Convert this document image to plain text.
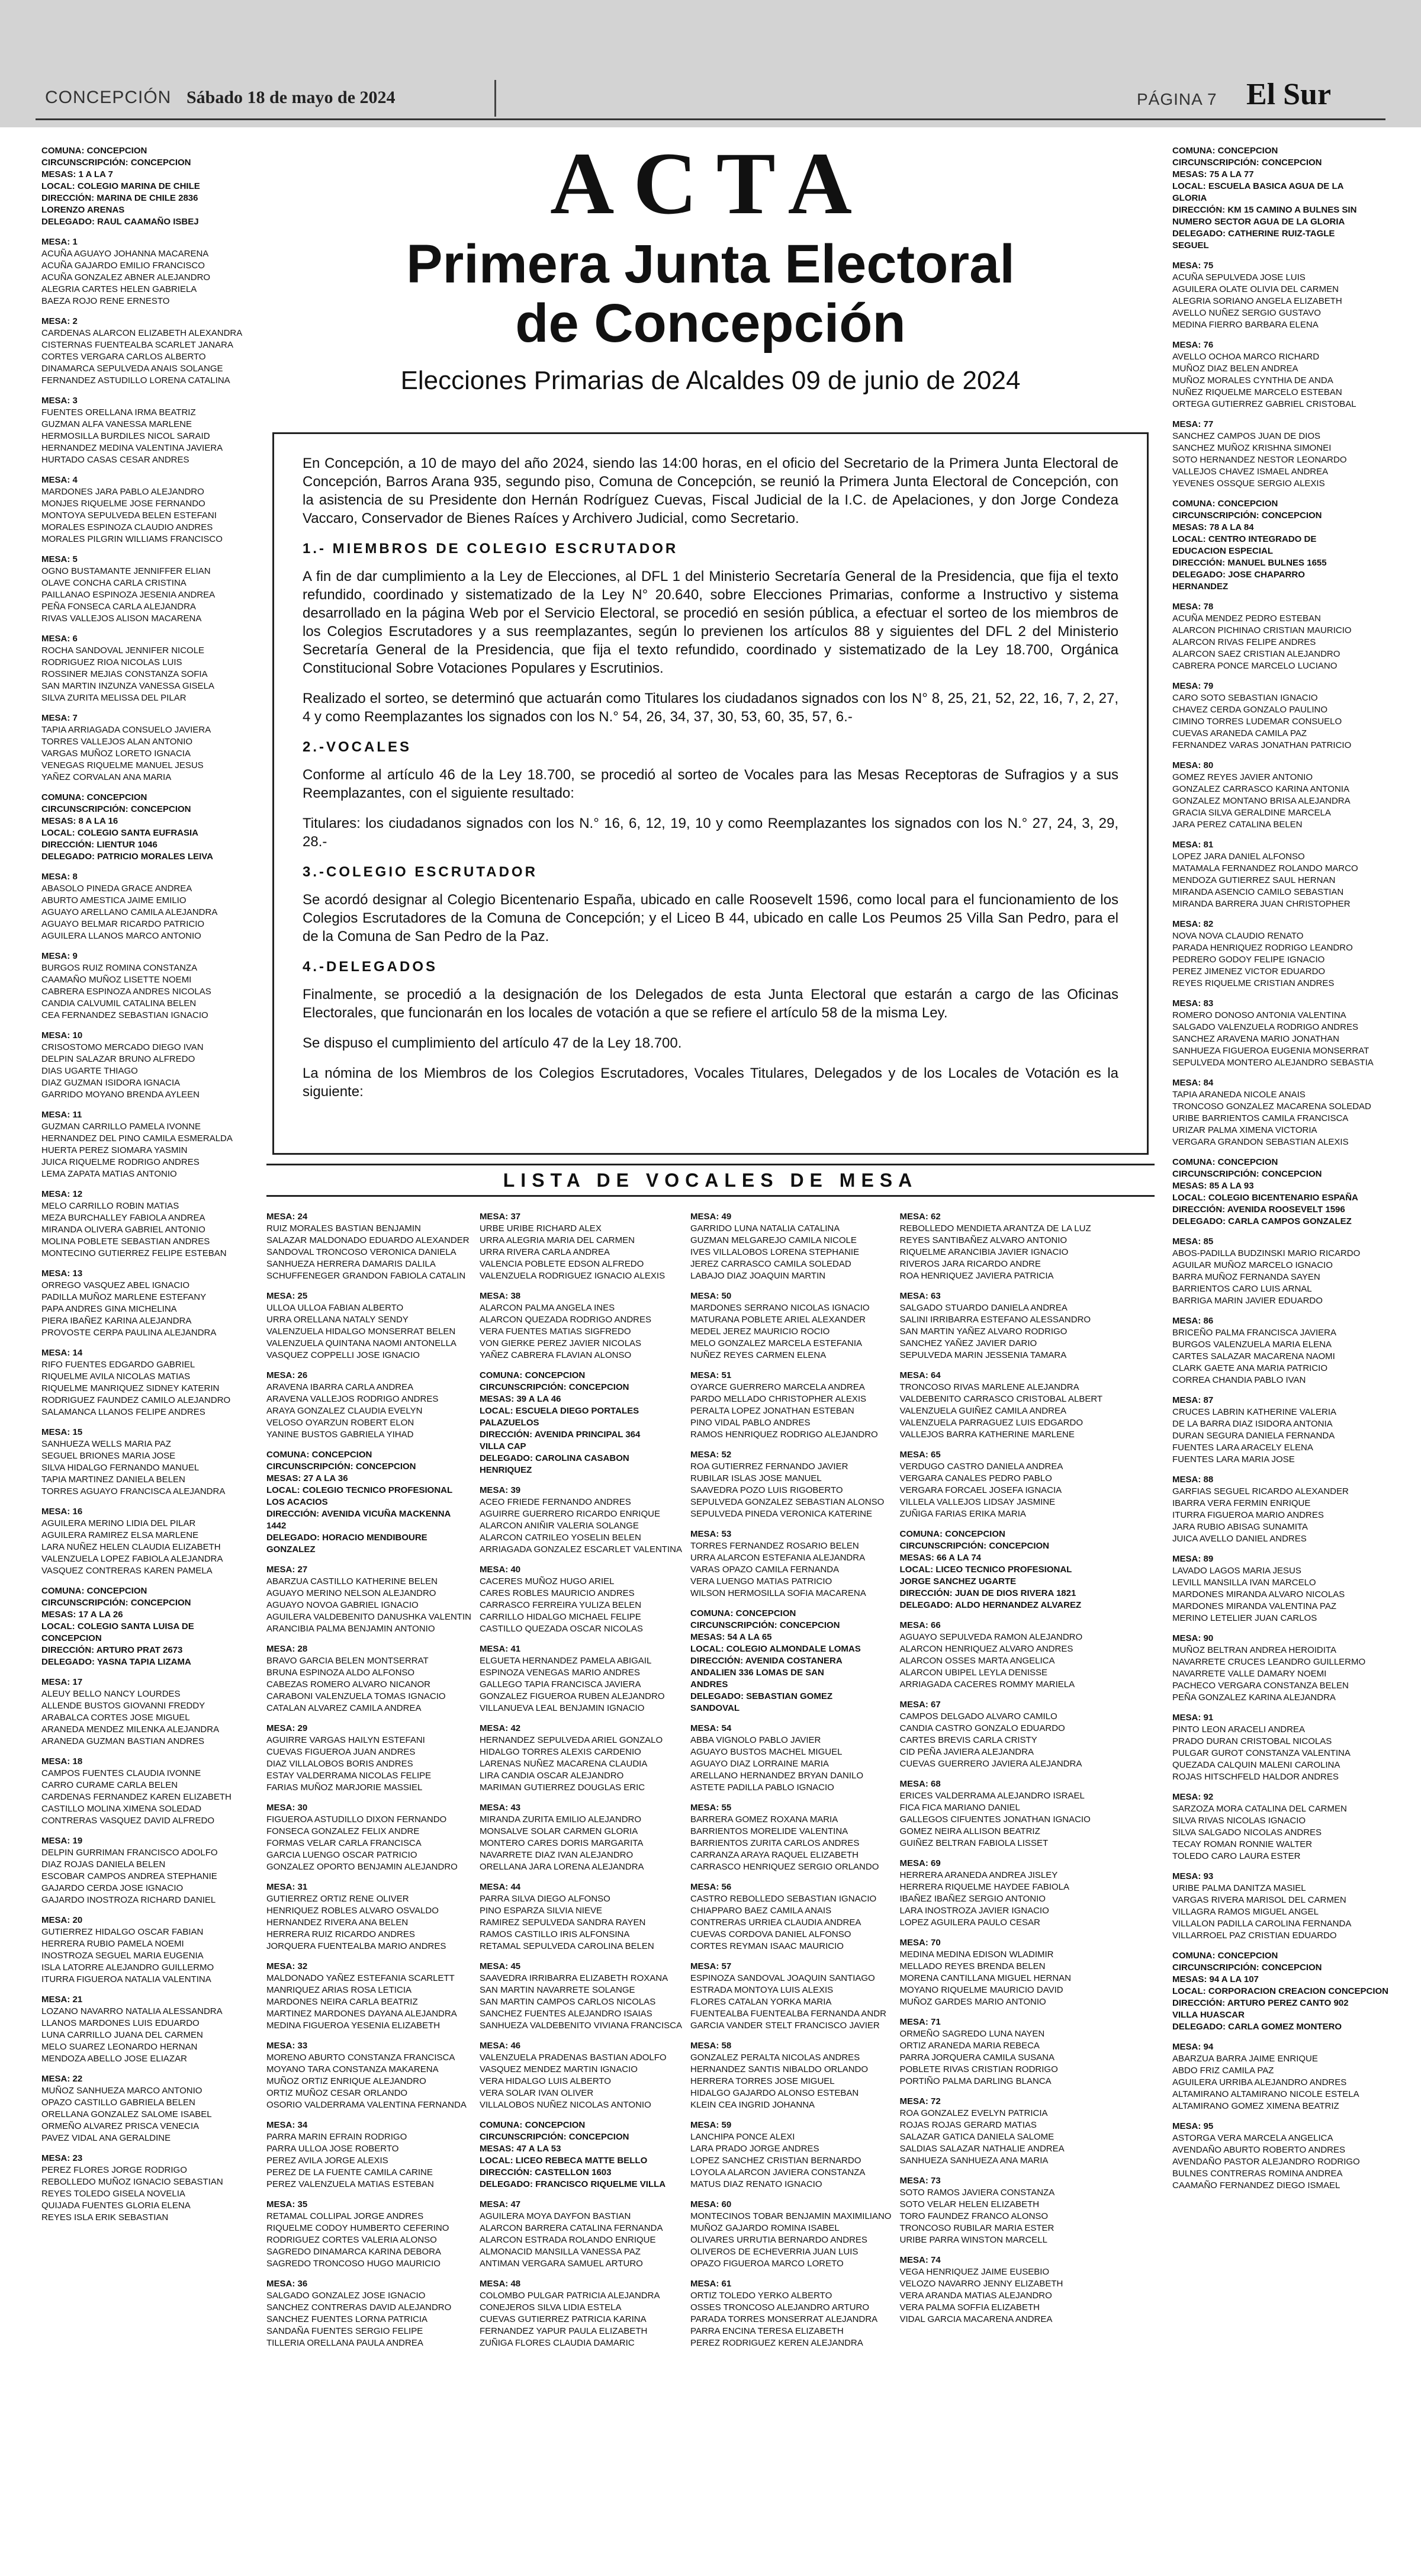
CONCEPCIÓN Sábado 18 de mayo de 2024	PÁGINA 7 El Sur
COMUNA: CONCEPCION
CIRCUNSCRIPCIÓN: CONCEPCION
MESAS: 1 A LA 7
LOCAL: COLEGIO MARINA DE CHILE
DIRECCIÓN: MARINA DE CHILE 2836
LORENZO ARENAS
DELEGADO: RAUL CAAMAÑO ISBEJ
MESA: 1
ACUÑA AGUAYO JOHANNA MACARENA
ACUÑA GAJARDO EMILIO FRANCISCO
ACUÑA GONZALEZ ABNER ALEJANDRO
ALEGRIA CARTES HELEN GABRIELA
BAEZA ROJO RENE ERNESTO
MESA: 2
CARDENAS ALARCON ELIZABETH ALEXANDRA
CISTERNAS FUENTEALBA SCARLET JANARA
CORTES VERGARA CARLOS ALBERTO
DINAMARCA SEPULVEDA ANAIS SOLANGE
FERNANDEZ ASTUDILLO LORENA CATALINA
MESA: 3
FUENTES ORELLANA IRMA BEATRIZ
GUZMAN ALFA VANESSA MARLENE
HERMOSILLA BURDILES NICOL SARAID
HERNANDEZ MEDINA VALENTINA JAVIERA
HURTADO CASAS CESAR ANDRES
MESA: 4
MARDONES JARA PABLO ALEJANDRO
MONJES RIQUELME JOSE FERNANDO
MONTOYA SEPULVEDA BELEN ESTEFANI
MORALES ESPINOZA CLAUDIO ANDRES
MORALES PILGRIN WILLIAMS FRANCISCO
MESA: 5
OGNO BUSTAMANTE JENNIFFER ELIAN
OLAVE CONCHA CARLA CRISTINA
PAILLANAO ESPINOZA JESENIA ANDREA
PEÑA FONSECA CARLA ALEJANDRA
RIVAS VALLEJOS ALISON MACARENA
MESA: 6
ROCHA SANDOVAL JENNIFER NICOLE
RODRIGUEZ RIOA NICOLAS LUIS
ROSSINER MEJIAS CONSTANZA SOFIA
SAN MARTIN INZUNZA VANESSA GISELA
SILVA ZURITA MELISSA DEL PILAR
MESA: 7
TAPIA ARRIAGADA CONSUELO JAVIERA
TORRES VALLEJOS ALAN ANTONIO
VARGAS MUÑOZ LORETO IGNACIA
VENEGAS RIQUELME MANUEL JESUS
YAÑEZ CORVALAN ANA MARIA
COMUNA: CONCEPCION
CIRCUNSCRIPCIÓN: CONCEPCION
MESAS: 8 A LA 16
LOCAL: COLEGIO SANTA EUFRASIA
DIRECCIÓN: LIENTUR 1046
DELEGADO: PATRICIO MORALES LEIVA
MESA: 8
ABASOLO PINEDA GRACE ANDREA
ABURTO AMESTICA JAIME EMILIO
AGUAYO ARELLANO CAMILA ALEJANDRA
AGUAYO BELMAR RICARDO PATRICIO
AGUILERA LLANOS MARCO ANTONIO
MESA: 9
BURGOS RUIZ ROMINA CONSTANZA
CAAMAÑO MUÑOZ LISETTE NOEMI
CABRERA ESPINOZA ANDRES NICOLAS
CANDIA CALVUMIL CATALINA BELEN
CEA FERNANDEZ SEBASTIAN IGNACIO
MESA: 10
CRISOSTOMO MERCADO DIEGO IVAN
DELPIN SALAZAR BRUNO ALFREDO
DIAS UGARTE THIAGO
DIAZ GUZMAN ISIDORA IGNACIA
GARRIDO MOYANO BRENDA AYLEEN
MESA: 11
GUZMAN CARRILLO PAMELA IVONNE
HERNANDEZ DEL PINO CAMILA ESMERALDA
HUERTA PEREZ SIOMARA YASMIN
JUICA RIQUELME RODRIGO ANDRES
LEMA ZAPATA MATIAS ANTONIO
MESA: 12
MELO CARRILLO ROBIN MATIAS
MEZA BURCHALLEY FABIOLA ANDREA
MIRANDA OLIVERA GABRIEL ANTONIO
MOLINA POBLETE SEBASTIAN ANDRES
MONTECINO GUTIERREZ FELIPE ESTEBAN
MESA: 13
ORREGO VASQUEZ ABEL IGNACIO
PADILLA MUÑOZ MARLENE ESTEFANY
PAPA ANDRES GINA MICHELINA
PIERA IBAÑEZ KARINA ALEJANDRA
PROVOSTE CERPA PAULINA ALEJANDRA
MESA: 14
RIFO FUENTES EDGARDO GABRIEL
RIQUELME AVILA NICOLAS MATIAS
RIQUELME MANRIQUEZ SIDNEY KATERIN
RODRIGUEZ FAUNDEZ CAMILO ALEJANDRO
SALAMANCA LLANOS FELIPE ANDRES
MESA: 15
SANHUEZA WELLS MARIA PAZ
SEGUEL BRIONES MARIA JOSE
SILVA HIDALGO FERNANDO MANUEL
TAPIA MARTINEZ DANIELA BELEN
TORRES AGUAYO FRANCISCA ALEJANDRA
MESA: 16
AGUILERA MERINO LIDIA DEL PILAR
AGUILERA RAMIREZ ELSA MARLENE
LARA NUÑEZ HELEN CLAUDIA ELIZABETH
VALENZUELA LOPEZ FABIOLA ALEJANDRA
VASQUEZ CONTRERAS KAREN PAMELA
COMUNA: CONCEPCION
CIRCUNSCRIPCIÓN: CONCEPCION
MESAS: 17 A LA 26
LOCAL: COLEGIO SANTA LUISA DE
CONCEPCION
DIRECCIÓN: ARTURO PRAT 2673
DELEGADO: YASNA TAPIA LIZAMA
MESA: 17
ALEUY BELLO NANCY LOURDES
ALLENDE BUSTOS GIOVANNI FREDDY
ARABALCA CORTES JOSE MIGUEL
ARANEDA MENDEZ MILENKA ALEJANDRA
ARANEDA GUZMAN BASTIAN ANDRES
MESA: 18
CAMPOS FUENTES CLAUDIA IVONNE
CARRO CURAME CARLA BELEN
CARDENAS FERNANDEZ KAREN ELIZABETH
CASTILLO MOLINA XIMENA SOLEDAD
CONTRERAS VASQUEZ DAVID ALFREDO
MESA: 19
DELPIN GURRIMAN FRANCISCO ADOLFO
DIAZ ROJAS DANIELA BELEN
ESCOBAR CAMPOS ANDREA STEPHANIE
GAJARDO CERDA JOSE IGNACIO
GAJARDO INOSTROZA RICHARD DANIEL
MESA: 20
GUTIERREZ HIDALGO OSCAR FABIAN
HERRERA RUBIO PAMELA NOEMI
INOSTROZA SEGUEL MARIA EUGENIA
ISLA LATORRE ALEJANDRO GUILLERMO
ITURRA FIGUEROA NATALIA VALENTINA
MESA: 21
LOZANO NAVARRO NATALIA ALESSANDRA
LLANOS MARDONES LUIS EDUARDO
LUNA CARRILLO JUANA DEL CARMEN
MELO SUAREZ LEONARDO HERNAN
MENDOZA ABELLO JOSE ELIAZAR
MESA: 22
MUÑOZ SANHUEZA MARCO ANTONIO
OPAZO CASTILLO GABRIELA BELEN
ORELLANA GONZALEZ SALOME ISABEL
ORMEÑO ALVAREZ PRISCA VENECIA
PAVEZ VIDAL ANA GERALDINE
MESA: 23
PEREZ FLORES JORGE RODRIGO
REBOLLEDO MUÑOZ IGNACIO SEBASTIAN
REYES TOLEDO GISELA NOVELIA
QUIJADA FUENTES GLORIA ELENA
REYES ISLA ERIK SEBASTIAN
COMUNA: CONCEPCION
CIRCUNSCRIPCIÓN: CONCEPCION
MESAS: 75 A LA 77
LOCAL: ESCUELA BASICA AGUA DE LA
GLORIA
DIRECCIÓN: KM 15 CAMINO A BULNES SIN
NUMERO SECTOR AGUA DE LA GLORIA
DELEGADO: CATHERINE RUIZ-TAGLE
SEGUEL
MESA: 75
ACUÑA SEPULVEDA JOSE LUIS
AGUILERA OLATE OLIVIA DEL CARMEN
ALEGRIA SORIANO ANGELA ELIZABETH
AVELLO NUÑEZ SERGIO GUSTAVO
MEDINA FIERRO BARBARA ELENA
MESA: 76
AVELLO OCHOA MARCO RICHARD
MUÑOZ DIAZ BELEN ANDREA
MUÑOZ MORALES CYNTHIA DE ANDA
NUÑEZ RIQUELME MARCELO ESTEBAN
ORTEGA GUTIERREZ GABRIEL CRISTOBAL
MESA: 77
SANCHEZ CAMPOS JUAN DE DIOS
SANCHEZ MUÑOZ KRISHNA SIMONEI
SOTO HERNANDEZ NESTOR LEONARDO
VALLEJOS CHAVEZ ISMAEL ANDREA
YEVENES OSSQUE SERGIO ALEXIS
COMUNA: CONCEPCION
CIRCUNSCRIPCIÓN: CONCEPCION
MESAS: 78 A LA 84
LOCAL: CENTRO INTEGRADO DE
EDUCACION ESPECIAL
DIRECCIÓN: MANUEL BULNES 1655
DELEGADO: JOSE CHAPARRO
HERNANDEZ
MESA: 78
ACUÑA MENDEZ PEDRO ESTEBAN
ALARCON PICHINAO CRISTIAN MAURICIO
ALARCON RIVAS FELIPE ANDRES
ALARCON SAEZ CRISTIAN ALEJANDRO
CABRERA PONCE MARCELO LUCIANO
MESA: 79
CARO SOTO SEBASTIAN IGNACIO
CHAVEZ CERDA GONZALO PAULINO
CIMINO TORRES LUDEMAR CONSUELO
CUEVAS ARANEDA CAMILA PAZ
FERNANDEZ VARAS JONATHAN PATRICIO
MESA: 80
GOMEZ REYES JAVIER ANTONIO
GONZALEZ CARRASCO KARINA ANTONIA
GONZALEZ MONTANO BRISA ALEJANDRA
GRACIA SILVA GERALDINE MARCELA
JARA PEREZ CATALINA BELEN
MESA: 81
LOPEZ JARA DANIEL ALFONSO
MATAMALA FERNANDEZ ROLANDO MARCO
MENDOZA GUTIERREZ SAUL HERNAN
MIRANDA ASENCIO CAMILO SEBASTIAN
MIRANDA BARRERA JUAN CHRISTOPHER
MESA: 82
NOVA NOVA CLAUDIO RENATO
PARADA HENRIQUEZ RODRIGO LEANDRO
PEDRERO GODOY FELIPE IGNACIO
PEREZ JIMENEZ VICTOR EDUARDO
REYES RIQUELME CRISTIAN ANDRES
MESA: 83
ROMERO DONOSO ANTONIA VALENTINA
SALGADO VALENZUELA RODRIGO ANDRES
SANCHEZ ARAVENA MARIO JONATHAN
SANHUEZA FIGUEROA EUGENIA MONSERRAT
SEPULVEDA MONTERO ALEJANDRO SEBASTIA
MESA: 84
TAPIA ARANEDA NICOLE ANAIS
TRONCOSO GONZALEZ MACARENA SOLEDAD
URIBE BARRIENTOS CAMILA FRANCISCA
URIZAR PALMA XIMENA VICTORIA
VERGARA GRANDON SEBASTIAN ALEXIS
COMUNA: CONCEPCION
CIRCUNSCRIPCIÓN: CONCEPCION
MESAS: 85 A LA 93
LOCAL: COLEGIO BICENTENARIO ESPAÑA
DIRECCIÓN: AVENIDA ROOSEVELT 1596
DELEGADO: CARLA CAMPOS GONZALEZ
MESA: 85
ABOS-PADILLA BUDZINSKI MARIO RICARDO
AGUILAR MUÑOZ MARCELO IGNACIO
BARRA MUÑOZ FERNANDA SAYEN
BARRIENTOS CARO LUIS ARNAL
BARRIGA MARIN JAVIER EDUARDO
MESA: 86
BRICEÑO PALMA FRANCISCA JAVIERA
BURGOS VALENZUELA MARIA ELENA
CARTES SALAZAR MACARENA NAOMI
CLARK GAETE ANA MARIA PATRICIO
CORREA CHANDIA PABLO IVAN
MESA: 87
CRUCES LABRIN KATHERINE VALERIA
DE LA BARRA DIAZ ISIDORA ANTONIA
DURAN SEGURA DANIELA FERNANDA
FUENTES LARA ARACELY ELENA
FUENTES LARA MARIA JOSE
MESA: 88
GARFIAS SEGUEL RICARDO ALEXANDER
IBARRA VERA FERMIN ENRIQUE
ITURRA FIGUEROA MARIO ANDRES
JARA RUBIO ABISAG SUNAMITA
JUICA AVELLO DANIEL ANDRES
MESA: 89
LAVADO LAGOS MARIA JESUS
LEVILL MANSILLA IVAN MARCELO
MARDONES MIRANDA ALVARO NICOLAS
MARDONES MIRANDA VALENTINA PAZ
MERINO LETELIER JUAN CARLOS
MESA: 90
MUÑOZ BELTRAN ANDREA HEROIDITA
NAVARRETE CRUCES LEANDRO GUILLERMO
NAVARRETE VALLE DAMARY NOEMI
PACHECO VERGARA CONSTANZA BELEN
PEÑA GONZALEZ KARINA ALEJANDRA
MESA: 91
PINTO LEON ARACELI ANDREA
PRADO DURAN CRISTOBAL NICOLAS
PULGAR GUROT CONSTANZA VALENTINA
QUEZADA CALQUIN MALENI CAROLINA
ROJAS HITSCHFELD HALDOR ANDRES
MESA: 92
SARZOZA MORA CATALINA DEL CARMEN
SILVA RIVAS NICOLAS IGNACIO
SILVA SALGADO NICOLAS ANDRES
TECAY ROMAN RONNIE WALTER
TOLEDO CARO LAURA ESTER
MESA: 93
URIBE PALMA DANITZA MASIEL
VARGAS RIVERA MARISOL DEL CARMEN
VILLAGRA RAMOS MIGUEL ANGEL
VILLALON PADILLA CAROLINA FERNANDA
VILLARROEL PAZ CRISTIAN EDUARDO
COMUNA: CONCEPCION
CIRCUNSCRIPCIÓN: CONCEPCION
MESAS: 94 A LA 107
LOCAL: CORPORACION CREACION CONCEPCION
DIRECCIÓN: ARTURO PEREZ CANTO 902
VILLA HUASCAR
DELEGADO: CARLA GOMEZ MONTERO
MESA: 94
ABARZUA BARRA JAIME ENRIQUE
ABDO FRIZ CAMILA PAZ
AGUILERA URRIBA ALEJANDRO ANDRES
ALTAMIRANO ALTAMIRANO NICOLE ESTELA
ALTAMIRANO GOMEZ XIMENA BEATRIZ
MESA: 95
ASTORGA VERA MARCELA ANGELICA
AVENDAÑO ABURTO ROBERTO ANDRES
AVENDAÑO PASTOR ALEJANDRO RODRIGO
BULNES CONTRERAS ROMINA ANDREA
CAAMAÑO FERNANDEZ DIEGO ISMAEL
ACTA
Primera Junta Electoral
de Concepción
Elecciones Primarias de Alcaldes 09 de junio de 2024

En Concepción, a 10 de mayo del año 2024, siendo las 14:00 horas, en el oficio del Secretario de la Primera Junta Electoral de Concepción, Barros Arana 935, segundo piso, Comuna de Concepción, se reunió la Primera Junta Electoral de Concepción, con la asistencia de su Presidente don Hernán Rodríguez Cuevas, Fiscal Judicial de la I.C. de Apelaciones, y don Jorge Condeza Vaccaro, Conservador de Bienes Raíces y Archivero Judicial, como Secretario.

1.- MIEMBROS DE COLEGIO ESCRUTADOR

A fin de dar cumplimiento a la Ley de Elecciones, al DFL 1 del Ministerio Secretaría General de la Presidencia, que fija el texto refundido, coordinado y sistematizado de la Ley N° 20.640, sobre Elecciones Primarias, conforme a Instructivo y sistema desarrollado en la página Web por el Servicio Electoral, se procedió en sesión pública, a efectuar el sorteo de los miembros de los Colegios Escrutadores y a sus reemplazantes, según lo previenen los artículos 88 y siguientes del DFL 2 del Ministerio Secretaría General de la Presidencia, que fija el texto refundido, coordinado y sistematizado de la Ley 18.700, Orgánica Constitucional Sobre Votaciones Populares y Escrutinios.

Realizado el sorteo, se determinó que actuarán como Titulares los ciudadanos signados con los N° 8, 25, 21, 52, 22, 16, 7, 2, 27, 4 y como Reemplazantes los signados con los N.° 54, 26, 34, 37, 30, 53, 60, 35, 57, 6.-

2.-VOCALES

Conforme al artículo 46 de la Ley 18.700, se procedió al sorteo de Vocales para las Mesas Receptoras de Sufragios y a sus Reemplazantes, con el siguiente resultado:

Titulares: los ciudadanos signados con los N.° 16, 6, 12, 19, 10 y como Reemplazantes los signados con los N.° 27, 24, 3, 29, 28.-

3.-COLEGIO ESCRUTADOR

Se acordó designar al Colegio Bicentenario España, ubicado en calle Roosevelt 1596, como local para el funcionamiento de los Colegios Escrutadores de la Comuna de Concepción; y el Liceo B 44, ubicado en calle Los Peumos 25 Villa San Pedro, para el de la Comuna de San Pedro de la Paz.

4.-DELEGADOS

Finalmente, se procedió a la designación de los Delegados de esta Junta Electoral que estarán a cargo de las Oficinas Electorales, que funcionarán en los locales de votación a que se refiere el artículo 58 de la misma Ley.

Se dispuso el cumplimiento del artículo 47 de la Ley 18.700.

La nómina de los Miembros de los Colegios Escrutadores, Vocales Titulares, Delegados y de los Locales de Votación es la siguiente:

LISTA DE VOCALES DE MESA
MESA: 24
RUIZ MORALES BASTIAN BENJAMIN
SALAZAR MALDONADO EDUARDO ALEXANDER
SANDOVAL TRONCOSO VERONICA DANIELA
SANHUEZA HERRERA DAMARIS DALILA
SCHUFFENEGER GRANDON FABIOLA CATALIN
MESA: 25
ULLOA ULLOA FABIAN ALBERTO
URRA ORELLANA NATALY SENDY
VALENZUELA HIDALGO MONSERRAT BELEN
VALENZUELA QUINTANA NAOMI ANTONELLA
VASQUEZ COPPELLI JOSE IGNACIO
MESA: 26
ARAVENA IBARRA CARLA ANDREA
ARAVENA VALLEJOS RODRIGO ANDRES
ARAYA GONZALEZ CLAUDIA EVELYN
VELOSO OYARZUN ROBERT ELON
YANINE BUSTOS GABRIELA YIHAD
COMUNA: CONCEPCION
CIRCUNSCRIPCIÓN: CONCEPCION
MESAS: 27 A LA 36
LOCAL: COLEGIO TECNICO PROFESIONAL
LOS ACACIOS
DIRECCIÓN: AVENIDA VICUÑA MACKENNA
1442
DELEGADO: HORACIO MENDIBOURE
GONZALEZ
MESA: 27
ABARZUA CASTILLO KATHERINE BELEN
AGUAYO MERINO NELSON ALEJANDRO
AGUAYO NOVOA GABRIEL IGNACIO
AGUILERA VALDEBENITO DANUSHKA VALENTIN
ARANCIBIA PALMA BENJAMIN ANTONIO
MESA: 28
BRAVO GARCIA BELEN MONTSERRAT
BRUNA ESPINOZA ALDO ALFONSO
CABEZAS ROMERO ALVARO NICANOR
CARABONI VALENZUELA TOMAS IGNACIO
CATALAN ALVAREZ CAMILA ANDREA
MESA: 29
AGUIRRE VARGAS HAILYN ESTEFANI
CUEVAS FIGUEROA JUAN ANDRES
DIAZ VILLALOBOS BORIS ANDRES
ESTAY VALDERRAMA NICOLAS FELIPE
FARIAS MUÑOZ MARJORIE MASSIEL
MESA: 30
FIGUEROA ASTUDILLO DIXON FERNANDO
FONSECA GONZALEZ FELIX ANDRE
FORMAS VELAR CARLA FRANCISCA
GARCIA LUENGO OSCAR PATRICIO
GONZALEZ OPORTO BENJAMIN ALEJANDRO
MESA: 31
GUTIERREZ ORTIZ RENE OLIVER
HENRIQUEZ ROBLES ALVARO OSVALDO
HERNANDEZ RIVERA ANA BELEN
HERRERA RUIZ RICARDO ANDRES
JORQUERA FUENTEALBA MARIO ANDRES
MESA: 32
MALDONADO YAÑEZ ESTEFANIA SCARLETT
MANRIQUEZ ARIAS ROSA LETICIA
MARDONES NEIRA CARLA BEATRIZ
MARTINEZ MARDONES DAYANA ALEJANDRA
MEDINA FIGUEROA YESENIA ELIZABETH
MESA: 33
MORENO ABURTO CONSTANZA FRANCISCA
MOYANO TARA CONSTANZA MAKARENA
MUÑOZ ORTIZ ENRIQUE ALEJANDRO
ORTIZ MUÑOZ CESAR ORLANDO
OSORIO VALDERRAMA VALENTINA FERNANDA
MESA: 34
PARRA MARIN EFRAIN RODRIGO
PARRA ULLOA JOSE ROBERTO
PEREZ AVILA JORGE ALEXIS
PEREZ DE LA FUENTE CAMILA CARINE
PEREZ VALENZUELA MATIAS ESTEBAN
MESA: 35
RETAMAL COLLIPAL JORGE ANDRES
RIQUELME CODOY HUMBERTO CEFERINO
RODRIGUEZ CORTES VALERIA ALONSO
SAGREDO DINAMARCA KARINA DEBORA
SAGREDO TRONCOSO HUGO MAURICIO
MESA: 36
SALGADO GONZALEZ JOSE IGNACIO
SANCHEZ CONTRERAS DAVID ALEJANDRO
SANCHEZ FUENTES LORNA PATRICIA
SANDAÑA FUENTES SERGIO FELIPE
TILLERIA ORELLANA PAULA ANDREA
MESA: 37
URBE URIBE RICHARD ALEX
URRA ALEGRIA MARIA DEL CARMEN
URRA RIVERA CARLA ANDREA
VALENCIA POBLETE EDSON ALFREDO
VALENZUELA RODRIGUEZ IGNACIO ALEXIS
MESA: 38
ALARCON PALMA ANGELA INES
ALARCON QUEZADA RODRIGO ANDRES
VERA FUENTES MATIAS SIGFREDO
VON GIERKE PEREZ JAVIER NICOLAS
YAÑEZ CABRERA FLAVIAN ALONSO
COMUNA: CONCEPCION
CIRCUNSCRIPCIÓN: CONCEPCION
MESAS: 39 A LA 46
LOCAL: ESCUELA DIEGO PORTALES
PALAZUELOS
DIRECCIÓN: AVENIDA PRINCIPAL 364
VILLA CAP
DELEGADO: CAROLINA CASABON
HENRIQUEZ
MESA: 39
ACEO FRIEDE FERNANDO ANDRES
AGUIRRE GUERRERO RICARDO ENRIQUE
ALARCON ANIÑIR VALERIA SOLANGE
ALARCON CATRILEO YOSELIN BELEN
ARRIAGADA GONZALEZ ESCARLET VALENTINA
MESA: 40
CACERES MUÑOZ HUGO ARIEL
CARES ROBLES MAURICIO ANDRES
CARRASCO FERREIRA YULIZA BELEN
CARRILLO HIDALGO MICHAEL FELIPE
CASTILLO QUEZADA OSCAR NICOLAS
MESA: 41
ELGUETA HERNANDEZ PAMELA ABIGAIL
ESPINOZA VENEGAS MARIO ANDRES
GALLEGO TAPIA FRANCISCA JAVIERA
GONZALEZ FIGUEROA RUBEN ALEJANDRO
VILLANUEVA LEAL BENJAMIN IGNACIO
MESA: 42
HERNANDEZ SEPULVEDA ARIEL GONZALO
HIDALGO TORRES ALEXIS CARDENIO
LARENAS NUÑEZ MACARENA CLAUDIA
LIRA CANDIA OSCAR ALEJANDRO
MARIMAN GUTIERREZ DOUGLAS ERIC
MESA: 43
MIRANDA ZURITA EMILIO ALEJANDRO
MONSALVE SOLAR CARMEN GLORIA
MONTERO CARES DORIS MARGARITA
NAVARRETE DIAZ IVAN ALEJANDRO
ORELLANA JARA LORENA ALEJANDRA
MESA: 44
PARRA SILVA DIEGO ALFONSO
PINO ESPARZA SILVIA NIEVE
RAMIREZ SEPULVEDA SANDRA RAYEN
RAMOS CASTILLO IRIS ALFONSINA
RETAMAL SEPULVEDA CAROLINA BELEN
MESA: 45
SAAVEDRA IRRIBARRA ELIZABETH ROXANA
SAN MARTIN NAVARRETE SOLANGE
SAN MARTIN CAMPOS CARLOS NICOLAS
SANCHEZ FUENTES ALEJANDRO ISAIAS
SANHUEZA VALDEBENITO VIVIANA FRANCISCA
MESA: 46
VALENZUELA PRADENAS BASTIAN ADOLFO
VASQUEZ MENDEZ MARTIN IGNACIO
VERA HIDALGO LUIS ALBERTO
VERA SOLAR IVAN OLIVER
VILLALOBOS NUÑEZ NICOLAS ANTONIO
COMUNA: CONCEPCION
CIRCUNSCRIPCIÓN: CONCEPCION
MESAS: 47 A LA 53
LOCAL: LICEO REBECA MATTE BELLO
DIRECCIÓN: CASTELLON 1603
DELEGADO: FRANCISCO RIQUELME VILLA
MESA: 47
AGUILERA MOYA DAYFON BASTIAN
ALARCON BARRERA CATALINA FERNANDA
ALARCON ESTRADA ROLANDO ENRIQUE
ALMONACID MANSILLA VANESSA PAZ
ANTIMAN VERGARA SAMUEL ARTURO
MESA: 48
COLOMBO PULGAR PATRICIA ALEJANDRA
CONEJEROS SILVA LIDIA ESTELA
CUEVAS GUTIERREZ PATRICIA KARINA
FERNANDEZ YAPUR PAULA ELIZABETH
ZUÑIGA FLORES CLAUDIA DAMARIC
MESA: 49
GARRIDO LUNA NATALIA CATALINA
GUZMAN MELGAREJO CAMILA NICOLE
IVES VILLALOBOS LORENA STEPHANIE
JEREZ CARRASCO CAMILA SOLEDAD
LABAJO DIAZ JOAQUIN MARTIN
MESA: 50
MARDONES SERRANO NICOLAS IGNACIO
MATURANA POBLETE ARIEL ALEXANDER
MEDEL JEREZ MAURICIO ROCIO
MELO GONZALEZ MARCELA ESTEFANIA
NUÑEZ REYES CARMEN ELENA
MESA: 51
OYARCE GUERRERO MARCELA ANDREA
PARDO MELLADO CHRISTOPHER ALEXIS
PERALTA LOPEZ JONATHAN ESTEBAN
PINO VIDAL PABLO ANDRES
RAMOS HENRIQUEZ RODRIGO ALEJANDRO
MESA: 52
ROA GUTIERREZ FERNANDO JAVIER
RUBILAR ISLAS JOSE MANUEL
SAAVEDRA POZO LUIS RIGOBERTO
SEPULVEDA GONZALEZ SEBASTIAN ALONSO
SEPULVEDA PINEDA VERONICA KATERINE
MESA: 53
TORRES FERNANDEZ ROSARIO BELEN
URRA ALARCON ESTEFANIA ALEJANDRA
VARAS OPAZO CAMILA FERNANDA
VERA LUENGO MATIAS PATRICIO
WILSON HERMOSILLA SOFIA MACARENA
COMUNA: CONCEPCION
CIRCUNSCRIPCIÓN: CONCEPCION
MESAS: 54 A LA 65
LOCAL: COLEGIO ALMONDALE LOMAS
DIRECCIÓN: AVENIDA COSTANERA
ANDALIEN 336 LOMAS DE SAN
ANDRES
DELEGADO: SEBASTIAN GOMEZ
SANDOVAL
MESA: 54
ABBA VIGNOLO PABLO JAVIER
AGUAYO BUSTOS MACHEL MIGUEL
AGUAYO DIAZ LORRAINE MARIA
ARELLANO HERNANDEZ BRYAN DANILO
ASTETE PADILLA PABLO IGNACIO
MESA: 55
BARRERA GOMEZ ROXANA MARIA
BARRIENTOS MORELIDE VALENTINA
BARRIENTOS ZURITA CARLOS ANDRES
CARRANZA ARAYA RAQUEL ELIZABETH
CARRASCO HENRIQUEZ SERGIO ORLANDO
MESA: 56
CASTRO REBOLLEDO SEBASTIAN IGNACIO
CHIAPPARO BAEZ CAMILA ANAIS
CONTRERAS URRIEA CLAUDIA ANDREA
CUEVAS CORDOVA DANIEL ALFONSO
CORTES REYMAN ISAAC MAURICIO
MESA: 57
ESPINOZA SANDOVAL JOAQUIN SANTIAGO
ESTRADA MONTOYA LUIS ALEXIS
FLORES CATALAN YORKA MARIA
FUENTEALBA FUENTEALBA FERNANDA ANDR
GARCIA VANDER STELT FRANCISCO JAVIER
MESA: 58
GONZALEZ PERALTA NICOLAS ANDRES
HERNANDEZ SANTIS NIBALDO ORLANDO
HERRERA TORRES JOSE MIGUEL
HIDALGO GAJARDO ALONSO ESTEBAN
KLEIN CEA INGRID JOHANNA
MESA: 59
LANCHIPA PONCE ALEXI
LARA PRADO JORGE ANDRES
LOPEZ SANCHEZ CRISTIAN BERNARDO
LOYOLA ALARCON JAVIERA CONSTANZA
MATUS DIAZ RENATO IGNACIO
MESA: 60
MONTECINOS TOBAR BENJAMIN MAXIMILIANO
MUÑOZ GAJARDO ROMINA ISABEL
OLIVARES URRUTIA BERNARDO ANDRES
OLIVEROS DE ECHEVERRIA JUAN LUIS
OPAZO FIGUEROA MARCO LORETO
MESA: 61
ORTIZ TOLEDO YERKO ALBERTO
OSSES TRONCOSO ALEJANDRO ARTURO
PARADA TORRES MONSERRAT ALEJANDRA
PARRA ENCINA TERESA ELIZABETH
PEREZ RODRIGUEZ KEREN ALEJANDRA
MESA: 62
REBOLLEDO MENDIETA ARANTZA DE LA LUZ
REYES SANTIBAÑEZ ALVARO ANTONIO
RIQUELME ARANCIBIA JAVIER IGNACIO
RIVEROS JARA RICARDO ANDRE
ROA HENRIQUEZ JAVIERA PATRICIA
MESA: 63
SALGADO STUARDO DANIELA ANDREA
SALINI IRRIBARRA ESTEFANO ALESSANDRO
SAN MARTIN YAÑEZ ALVARO RODRIGO
SANCHEZ YAÑEZ JAVIER DARIO
SEPULVEDA MARIN JESSENIA TAMARA
MESA: 64
TRONCOSO RIVAS MARLENE ALEJANDRA
VALDEBENITO CARRASCO CRISTOBAL ALBERT
VALENZUELA GUIÑEZ CAMILA ANDREA
VALENZUELA PARRAGUEZ LUIS EDGARDO
VALLEJOS BARRA KATHERINE MARLENE
MESA: 65
VERDUGO CASTRO DANIELA ANDREA
VERGARA CANALES PEDRO PABLO
VERGARA FORCAEL JOSEFA IGNACIA
VILLELA VALLEJOS LIDSAY JASMINE
ZUÑIGA FARIAS ERIKA MARIA
COMUNA: CONCEPCION
CIRCUNSCRIPCIÓN: CONCEPCION
MESAS: 66 A LA 74
LOCAL: LICEO TECNICO PROFESIONAL
JORGE SANCHEZ UGARTE
DIRECCIÓN: JUAN DE DIOS RIVERA 1821
DELEGADO: ALDO HERNANDEZ ALVAREZ
MESA: 66
AGUAYO SEPULVEDA RAMON ALEJANDRO
ALARCON HENRIQUEZ ALVARO ANDRES
ALARCON OSSES MARTA ANGELICA
ALARCON UBIPEL LEYLA DENISSE
ARRIAGADA CACERES ROMMY MARIELA
MESA: 67
CAMPOS DELGADO ALVARO CAMILO
CANDIA CASTRO GONZALO EDUARDO
CARTES BREVIS CARLA CRISTY
CID PEÑA JAVIERA ALEJANDRA
CUEVAS GUERRERO JAVIERA ALEJANDRA
MESA: 68
ERICES VALDERRAMA ALEJANDRO ISRAEL
FICA FICA MARIANO DANIEL
GALLEGOS CIFUENTES JONATHAN IGNACIO
GOMEZ NEIRA ALLISON BEATRIZ
GUIÑEZ BELTRAN FABIOLA LISSET
MESA: 69
HERRERA ARANEDA ANDREA JISLEY
HERRERA RIQUELME HAYDEE FABIOLA
IBAÑEZ IBAÑEZ SERGIO ANTONIO
LARA INOSTROZA JAVIER IGNACIO
LOPEZ AGUILERA PAULO CESAR
MESA: 70
MEDINA MEDINA EDISON WLADIMIR
MELLADO REYES BRENDA BELEN
MORENA CANTILLANA MIGUEL HERNAN
MOYANO RIQUELME MAURICIO DAVID
MUÑOZ GARDES MARIO ANTONIO
MESA: 71
ORMEÑO SAGREDO LUNA NAYEN
ORTIZ ARANEDA MARIA REBECA
PARRA JORQUERA CAMILA SUSANA
POBLETE RIVAS CRISTIAN RODRIGO
PORTIÑO PALMA DARLING BLANCA
MESA: 72
ROA GONZALEZ EVELYN PATRICIA
ROJAS ROJAS GERARD MATIAS
SALAZAR GATICA DANIELA SALOME
SALDIAS SALAZAR NATHALIE ANDREA
SANHUEZA SANHUEZA ANA MARIA
MESA: 73
SOTO RAMOS JAVIERA CONSTANZA
SOTO VELAR HELEN ELIZABETH
TORO FAUNDEZ FRANCO ALONSO
TRONCOSO RUBILAR MARIA ESTER
URIBE PARRA WINSTON MARCELL
MESA: 74
VEGA HENRIQUEZ JAIME EUSEBIO
VELOZO NAVARRO JENNY ELIZABETH
VERA ARANDA MATIAS ALEJANDRO
VERA PALMA SOFFIA ELIZABETH
VIDAL GARCIA MACARENA ANDREA
